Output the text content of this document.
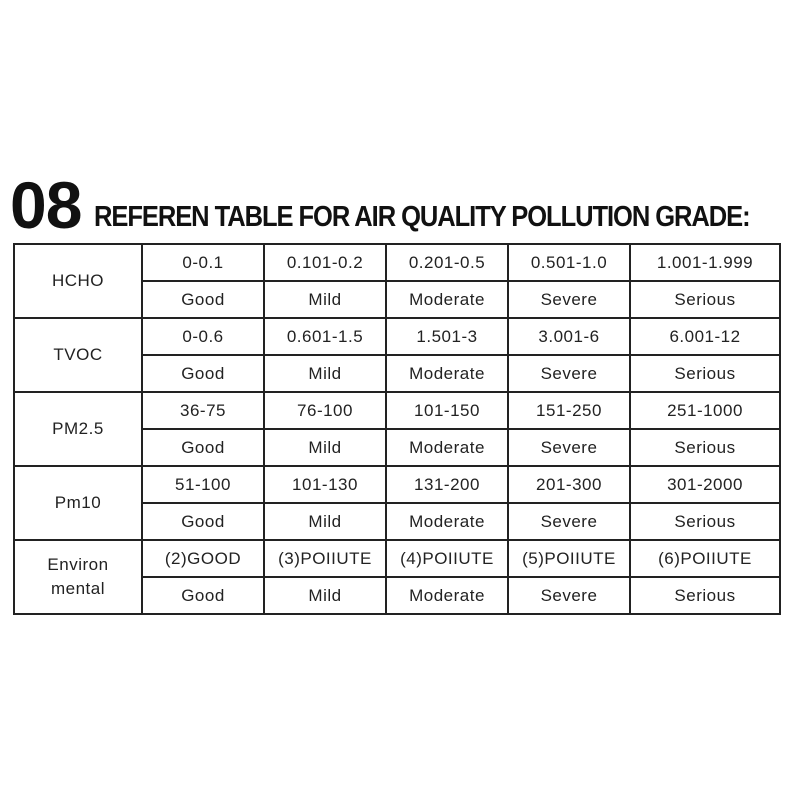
08 REFEREN TABLE FOR AIR QUALITY POLLUTION GRADE:
HCHO	0-0.1	0.101-0.2	0.201-0.5	0.501-1.0	1.001-1.999
	Good	Mild	Moderate	Severe	Serious
TVOC	0-0.6	0.601-1.5	1.501-3	3.001-6	6.001-12
	Good	Mild	Moderate	Severe	Serious
PM2.5	36-75	76-100	101-150	151-250	251-1000
	Good	Mild	Moderate	Severe	Serious
Pm10	51-100	101-130	131-200	201-300	301-2000
	Good	Mild	Moderate	Severe	Serious
Environ
mental	(2)GOOD	(3)POIIUTE	(4)POIIUTE	(5)POIIUTE	(6)POIIUTE
	Good	Mild	Moderate	Severe	Serious
